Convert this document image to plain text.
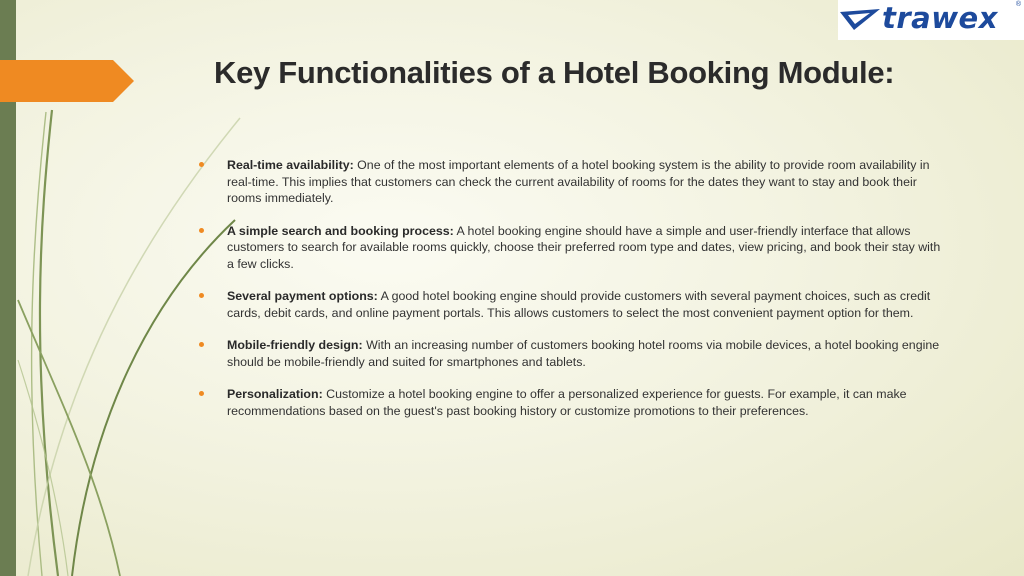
trawex	®
Key Functionalities of a Hotel Booking Module:
Real-time availability: One of the most important elements of a hotel booking system is the ability to provide room availability in real-time. This implies that customers can check the current availability of rooms for the dates they want to stay and book their rooms immediately.
A simple search and booking process: A hotel booking engine should have a simple and user-friendly interface that allows customers to search for available rooms quickly, choose their preferred room type and dates, view pricing, and book their stay with a few clicks.
Several payment options: A good hotel booking engine should provide customers with several payment choices, such as credit cards, debit cards, and online payment portals. This allows customers to select the most convenient payment option for them.
Mobile-friendly design: With an increasing number of customers booking hotel rooms via mobile devices, a hotel booking engine should be mobile-friendly and suited for smartphones and tablets.
Personalization: Customize a hotel booking engine to offer a personalized experience for guests. For example, it can make recommendations based on the guest's past booking history or customize promotions to their preferences.
